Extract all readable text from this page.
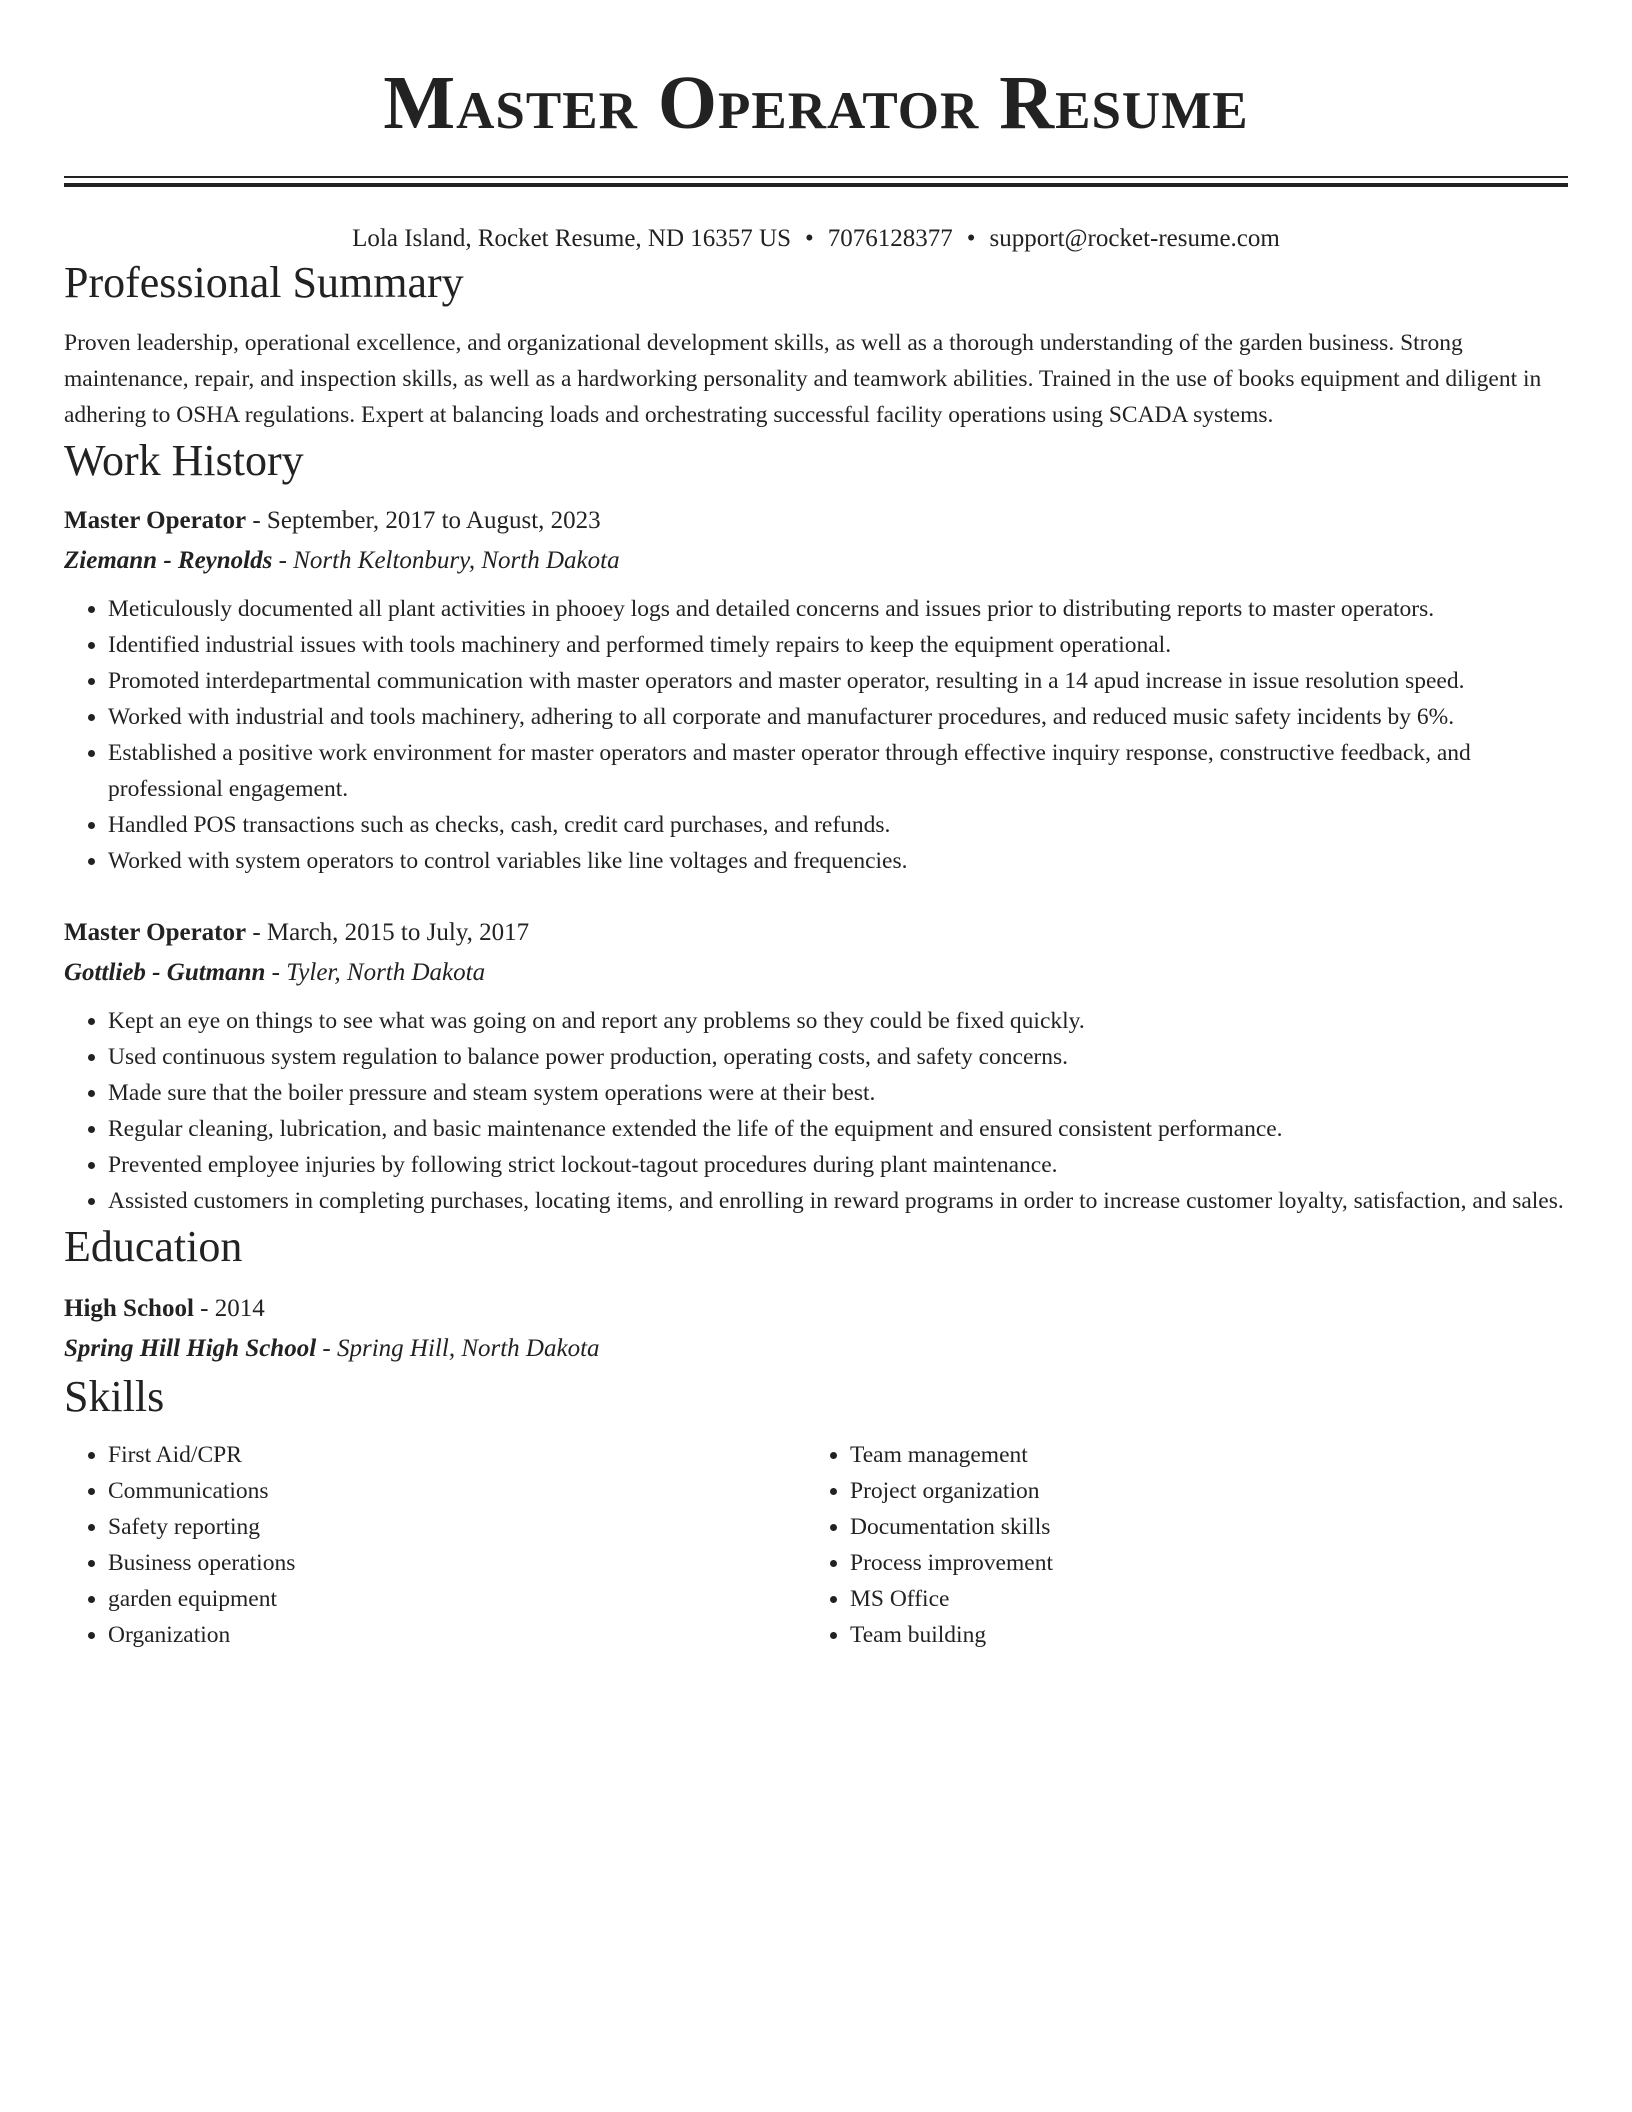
Master Operator Resume
Lola Island, Rocket Resume, ND 16357 US • 7076128377 • support@rocket-resume.com
Professional Summary

Proven leadership, operational excellence, and organizational development skills, as well as a thorough understanding of the garden business. Strong maintenance, repair, and inspection skills, as well as a hardworking personality and teamwork abilities. Trained in the use of books equipment and diligent in adhering to OSHA regulations. Expert at balancing loads and orchestrating successful facility operations using SCADA systems.

Work History
Master Operator - September, 2017 to August, 2023
Ziemann - Reynolds - North Keltonbury, North Dakota
• Meticulously documented all plant activities in phooey logs and detailed concerns and issues prior to distributing reports to master operators.
• Identified industrial issues with tools machinery and performed timely repairs to keep the equipment operational.
• Promoted interdepartmental communication with master operators and master operator, resulting in a 14 apud increase in issue resolution speed.
• Worked with industrial and tools machinery, adhering to all corporate and manufacturer procedures, and reduced music safety incidents by 6%.
• Established a positive work environment for master operators and master operator through effective inquiry response, constructive feedback, and professional engagement.
• Handled POS transactions such as checks, cash, credit card purchases, and refunds.
• Worked with system operators to control variables like line voltages and frequencies.
Master Operator - March, 2015 to July, 2017
Gottlieb - Gutmann - Tyler, North Dakota
• Kept an eye on things to see what was going on and report any problems so they could be fixed quickly.
• Used continuous system regulation to balance power production, operating costs, and safety concerns.
• Made sure that the boiler pressure and steam system operations were at their best.
• Regular cleaning, lubrication, and basic maintenance extended the life of the equipment and ensured consistent performance.
• Prevented employee injuries by following strict lockout-tagout procedures during plant maintenance.
• Assisted customers in completing purchases, locating items, and enrolling in reward programs in order to increase customer loyalty, satisfaction, and sales.
Education
High School - 2014
Spring Hill High School - Spring Hill, North Dakota
Skills
• First Aid/CPR
• Communications
• Safety reporting
• Business operations
• garden equipment
• Organization
• Team management
• Project organization
• Documentation skills
• Process improvement
• MS Office
• Team building
